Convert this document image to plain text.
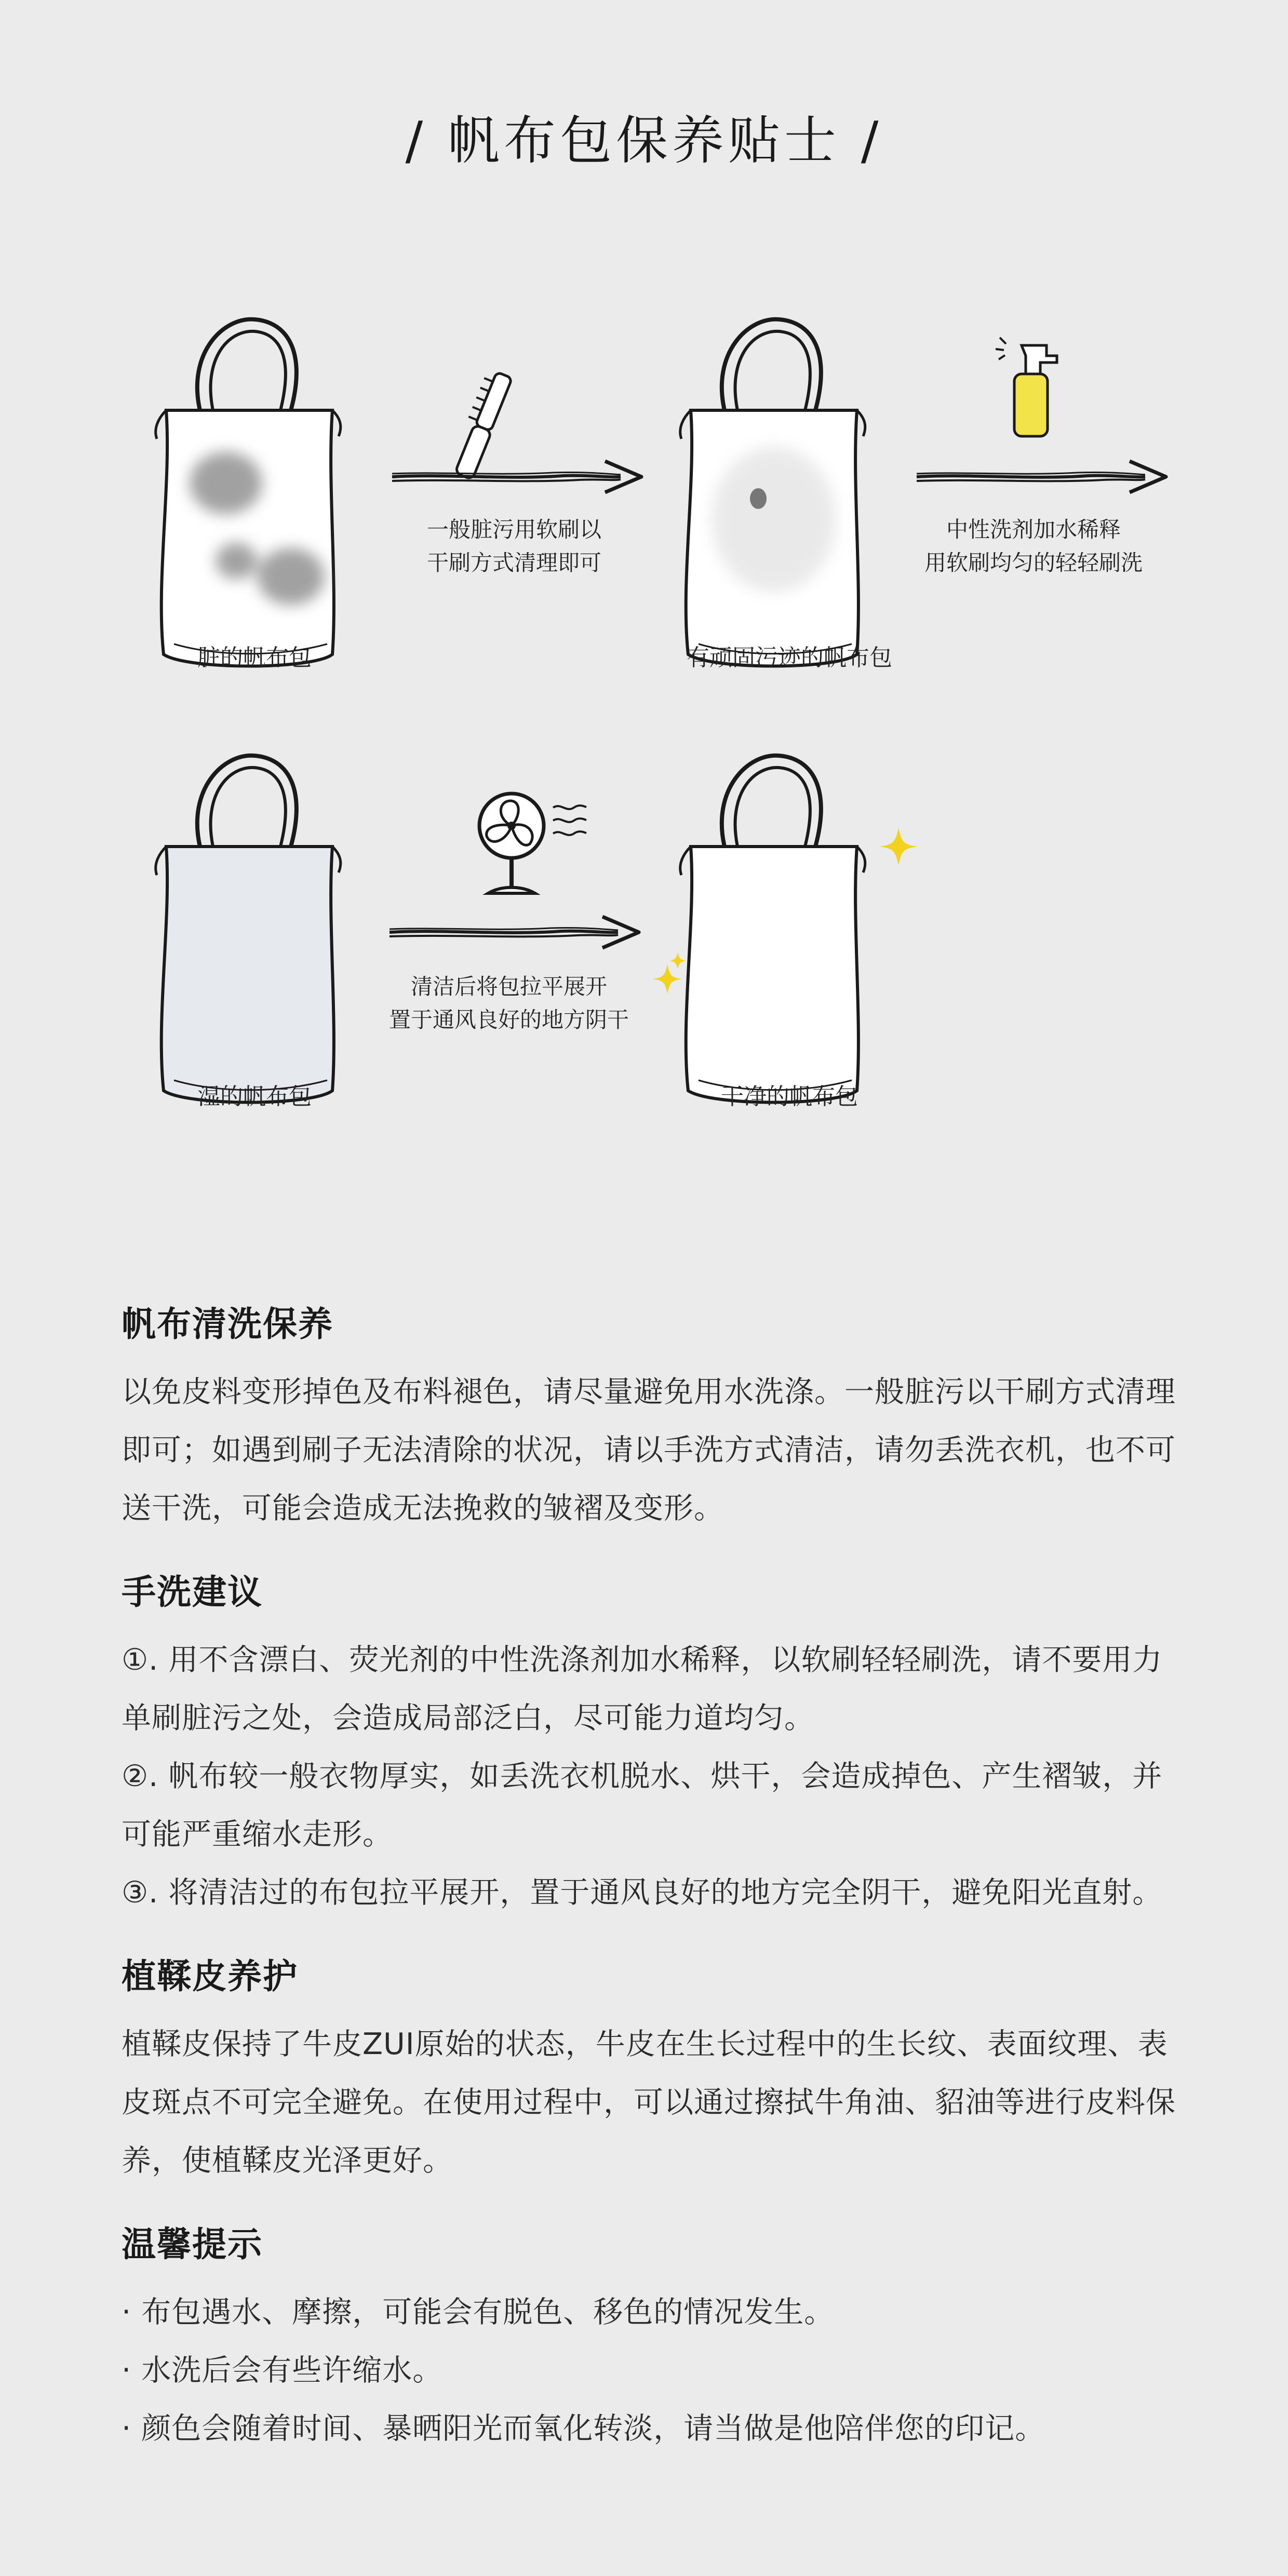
/ 帆布包保养贴士 /
脏的帆布包	有顽固污迹的帆布包
湿的帆布包	干净的帆布包
一般脏污用软刷以
干刷方式清理即可
中性洗剂加水稀释
用软刷均匀的轻轻刷洗
清洁后将包拉平展开
置于通风良好的地方阴干
帆布清洗保养

以免皮料变形掉色及布料褪色，请尽量避免用水洗涤。一般脏污以干刷方式清理即可；如遇到刷子无法清除的状况，请以手洗方式清洁，请勿丢洗衣机，也不可送干洗，可能会造成无法挽救的皱褶及变形。

手洗建议

①. 用不含漂白、荧光剂的中性洗涤剂加水稀释，以软刷轻轻刷洗，请不要用力单刷脏污之处，会造成局部泛白，尽可能力道均匀。

②. 帆布较一般衣物厚实，如丢洗衣机脱水、烘干，会造成掉色、产生褶皱，并可能严重缩水走形。

③. 将清洁过的布包拉平展开，置于通风良好的地方完全阴干，避免阳光直射。

植鞣皮养护

植鞣皮保持了牛皮ZUI原始的状态，牛皮在生长过程中的生长纹、表面纹理、表皮斑点不可完全避免。在使用过程中，可以通过擦拭牛角油、貂油等进行皮料保养，使植鞣皮光泽更好。

温馨提示

· 布包遇水、摩擦，可能会有脱色、移色的情况发生。

· 水洗后会有些许缩水。

· 颜色会随着时间、暴晒阳光而氧化转淡，请当做是他陪伴您的印记。
